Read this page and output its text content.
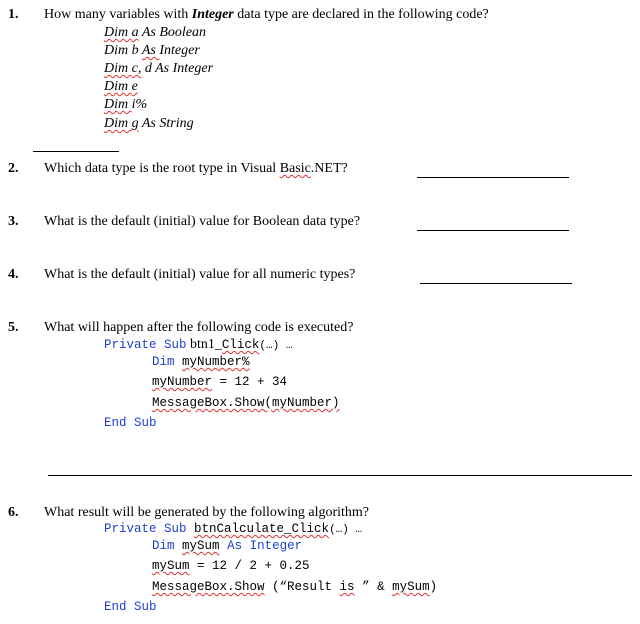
1. How many variables with Integer data type are declared in the following code?
Dim a As Boolean
Dim b As Integer
Dim c, d As Integer
Dim e
Dim i%
Dim g As String
2. Which data type is the root type in Visual Basic.NET?
3. What is the default (initial) value for Boolean data type?
4. What is the default (initial) value for all numeric types?
5. What will happen after the following code is executed?
Private Sub btn1_Click(…) …
Dim myNumber%
myNumber = 12 + 34
MessageBox.Show(myNumber)
End Sub
6. What result will be generated by the following algorithm?
Private Sub btnCalculate_Click(…) …
Dim mySum As Integer
mySum = 12 / 2 + 0.25
MessageBox.Show (“Result is ” & mySum)
End Sub
